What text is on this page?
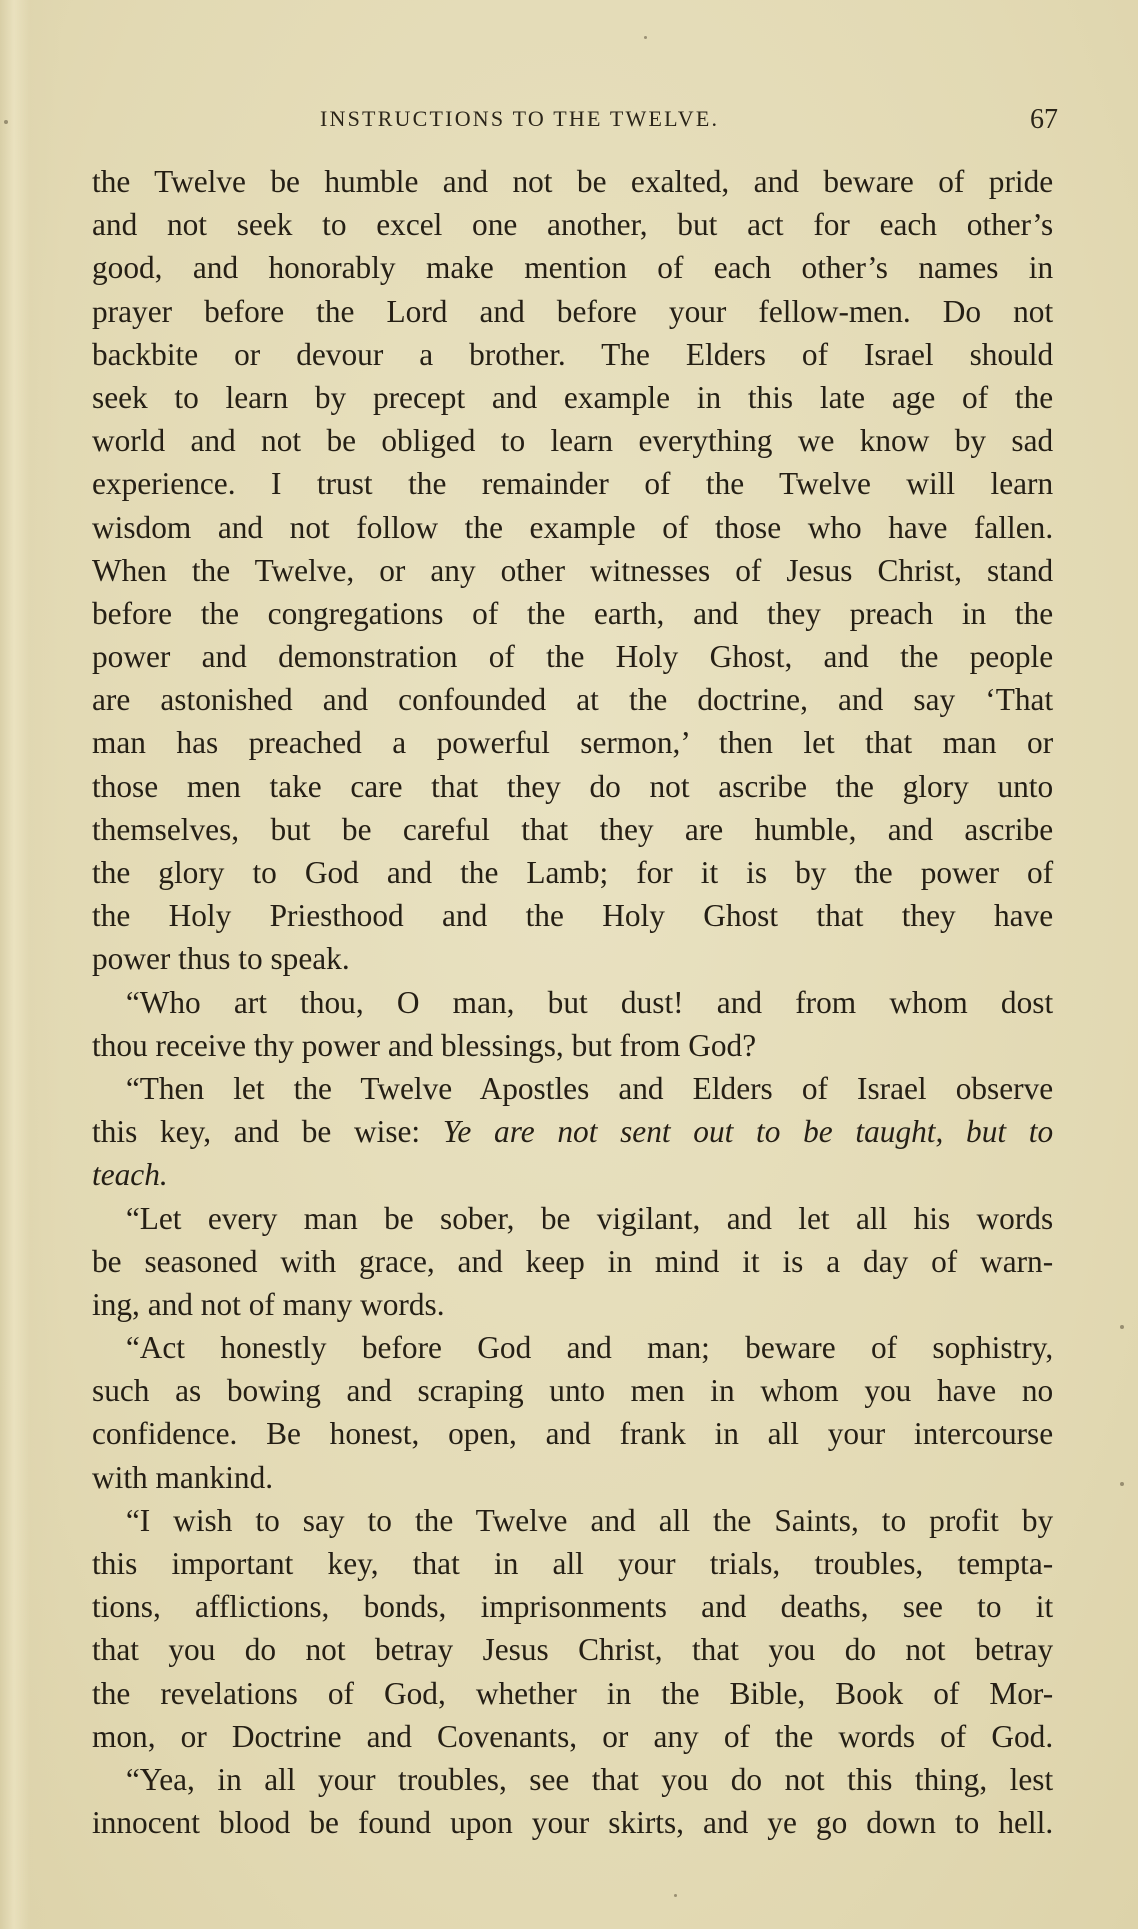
INSTRUCTIONS TO THE TWELVE.	67
the Twelve be humble and not be exalted, and beware of pride
and not seek to excel one another, but act for each other’s
good, and honorably make mention of each other’s names in
prayer before the Lord and before your fellow-men. Do not
backbite or devour a brother. The Elders of Israel should
seek to learn by precept and example in this late age of the
world and not be obliged to learn everything we know by sad
experience. I trust the remainder of the Twelve will learn
wisdom and not follow the example of those who have fallen.
When the Twelve, or any other witnesses of Jesus Christ, stand
before the congregations of the earth, and they preach in the
power and demonstration of the Holy Ghost, and the people
are astonished and confounded at the doctrine, and say ‘That
man has preached a powerful sermon,’ then let that man or
those men take care that they do not ascribe the glory unto
themselves, but be careful that they are humble, and ascribe
the glory to God and the Lamb; for it is by the power of
the Holy Priesthood and the Holy Ghost that they have
power thus to speak.
“Who art thou, O man, but dust! and from whom dost
thou receive thy power and blessings, but from God?
“Then let the Twelve Apostles and Elders of Israel observe
this key, and be wise: Ye are not sent out to be taught, but to
teach.
“Let every man be sober, be vigilant, and let all his words
be seasoned with grace, and keep in mind it is a day of warn-
ing, and not of many words.
“Act honestly before God and man; beware of sophistry,
such as bowing and scraping unto men in whom you have no
confidence. Be honest, open, and frank in all your intercourse
with mankind.
“I wish to say to the Twelve and all the Saints, to profit by
this important key, that in all your trials, troubles, tempta-
tions, afflictions, bonds, imprisonments and deaths, see to it
that you do not betray Jesus Christ, that you do not betray
the revelations of God, whether in the Bible, Book of Mor-
mon, or Doctrine and Covenants, or any of the words of God.
“Yea, in all your troubles, see that you do not this thing, lest
innocent blood be found upon your skirts, and ye go down to hell.
